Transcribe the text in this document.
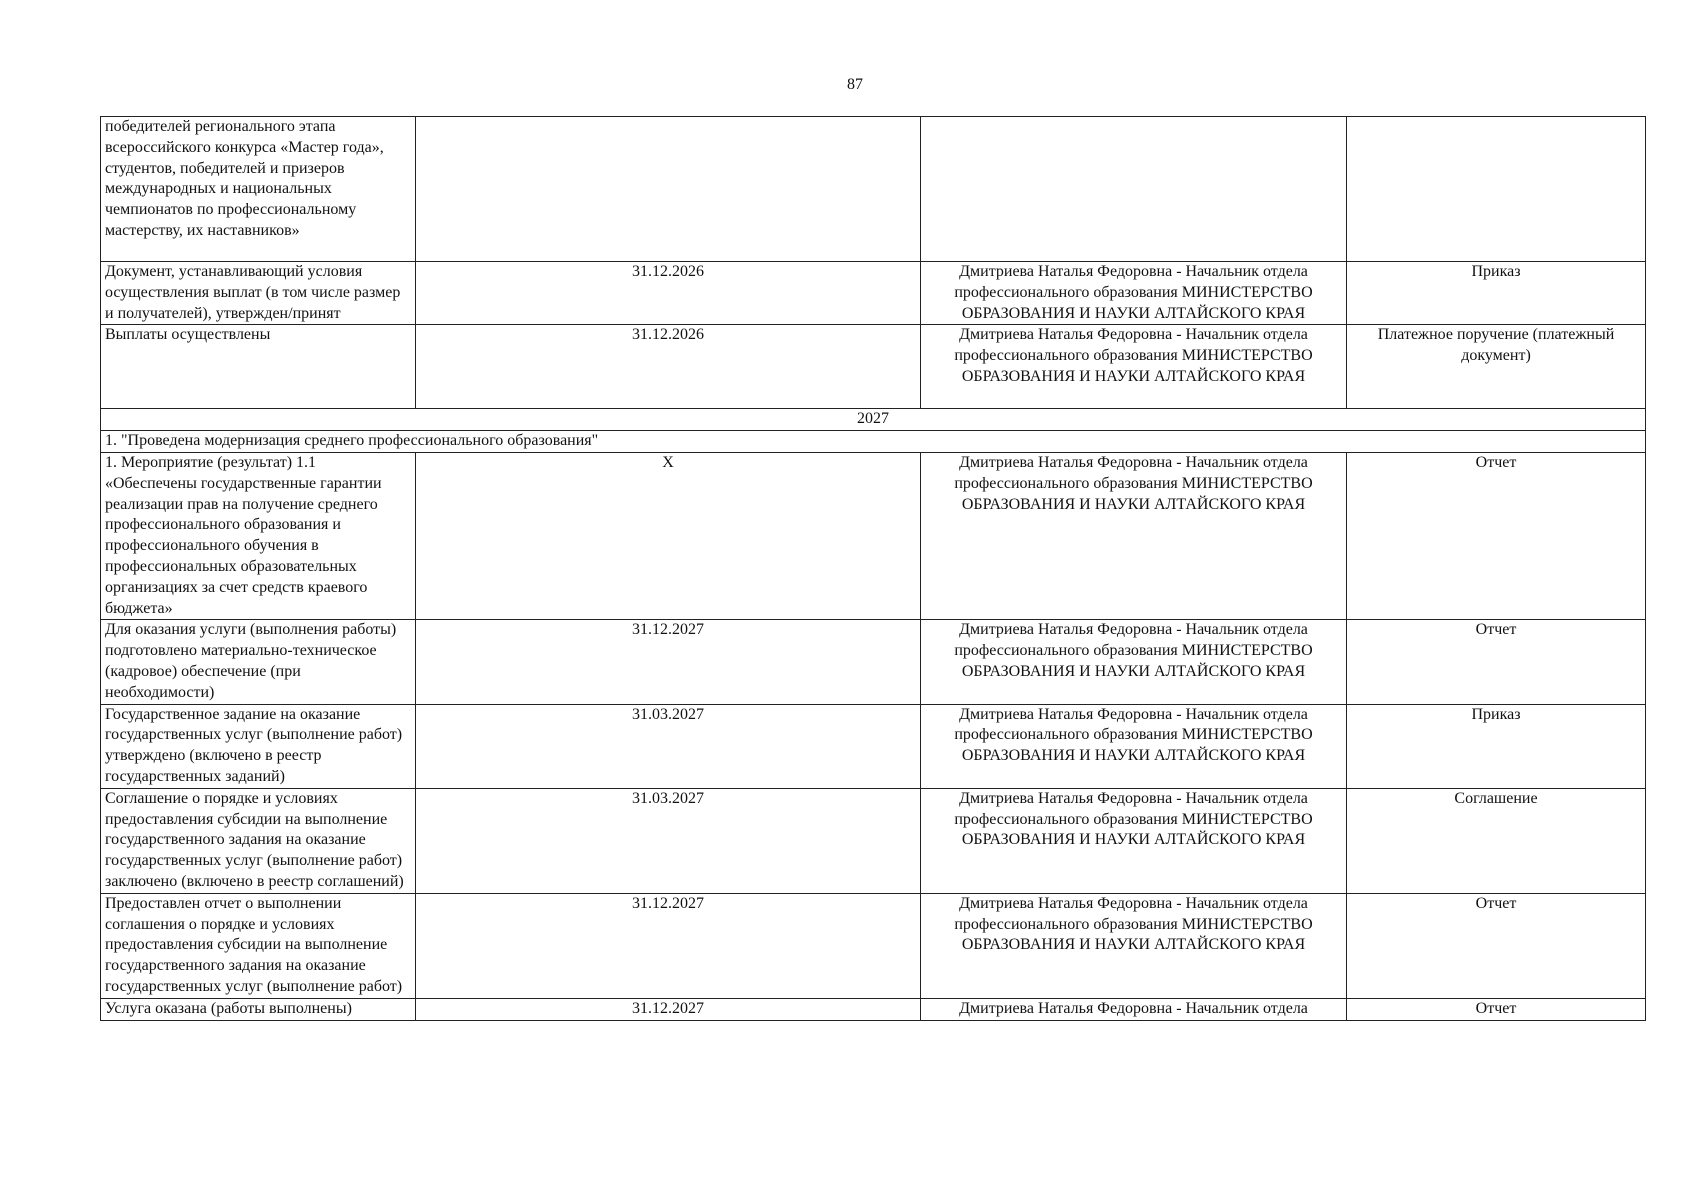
87
победителей регионального этапа всероссийского конкурса «Мастер года», студентов, победителей и призеров международных и национальных чемпионатов по профессиональному мастерству, их наставников»			
Документ, устанавливающий условия осуществления выплат (в том числе размер и получателей), утвержден/принят	31.12.2026	Дмитриева Наталья Федоровна - Начальник отдела профессионального образования МИНИСТЕРСТВО ОБРАЗОВАНИЯ И НАУКИ АЛТАЙСКОГО КРАЯ	Приказ
Выплаты осуществлены	31.12.2026	Дмитриева Наталья Федоровна - Начальник отдела профессионального образования МИНИСТЕРСТВО ОБРАЗОВАНИЯ И НАУКИ АЛТАЙСКОГО КРАЯ	Платежное поручение (платежный документ)
2027			
1. "Проведена модернизация среднего профессионального образования"			
1. Мероприятие (результат) 1.1 «Обеспечены государственные гарантии реализации прав на получение среднего профессионального образования и профессионального обучения в профессиональных образовательных организациях за счет средств краевого бюджета»	X	Дмитриева Наталья Федоровна - Начальник отдела профессионального образования МИНИСТЕРСТВО ОБРАЗОВАНИЯ И НАУКИ АЛТАЙСКОГО КРАЯ	Отчет
Для оказания услуги (выполнения работы) подготовлено материально-техническое (кадровое) обеспечение (при необходимости)	31.12.2027	Дмитриева Наталья Федоровна - Начальник отдела профессионального образования МИНИСТЕРСТВО ОБРАЗОВАНИЯ И НАУКИ АЛТАЙСКОГО КРАЯ	Отчет
Государственное задание на оказание государственных услуг (выполнение работ) утверждено (включено в реестр государственных заданий)	31.03.2027	Дмитриева Наталья Федоровна - Начальник отдела профессионального образования МИНИСТЕРСТВО ОБРАЗОВАНИЯ И НАУКИ АЛТАЙСКОГО КРАЯ	Приказ
Соглашение о порядке и условиях предоставления субсидии на выполнение государственного задания на оказание государственных услуг (выполнение работ) заключено (включено в реестр соглашений)	31.03.2027	Дмитриева Наталья Федоровна - Начальник отдела профессионального образования МИНИСТЕРСТВО ОБРАЗОВАНИЯ И НАУКИ АЛТАЙСКОГО КРАЯ	Соглашение
Предоставлен отчет о выполнении соглашения о порядке и условиях предоставления субсидии на выполнение государственного задания на оказание государственных услуг (выполнение работ)	31.12.2027	Дмитриева Наталья Федоровна - Начальник отдела профессионального образования МИНИСТЕРСТВО ОБРАЗОВАНИЯ И НАУКИ АЛТАЙСКОГО КРАЯ	Отчет
Услуга оказана (работы выполнены)	31.12.2027	Дмитриева Наталья Федоровна - Начальник отдела	Отчет
